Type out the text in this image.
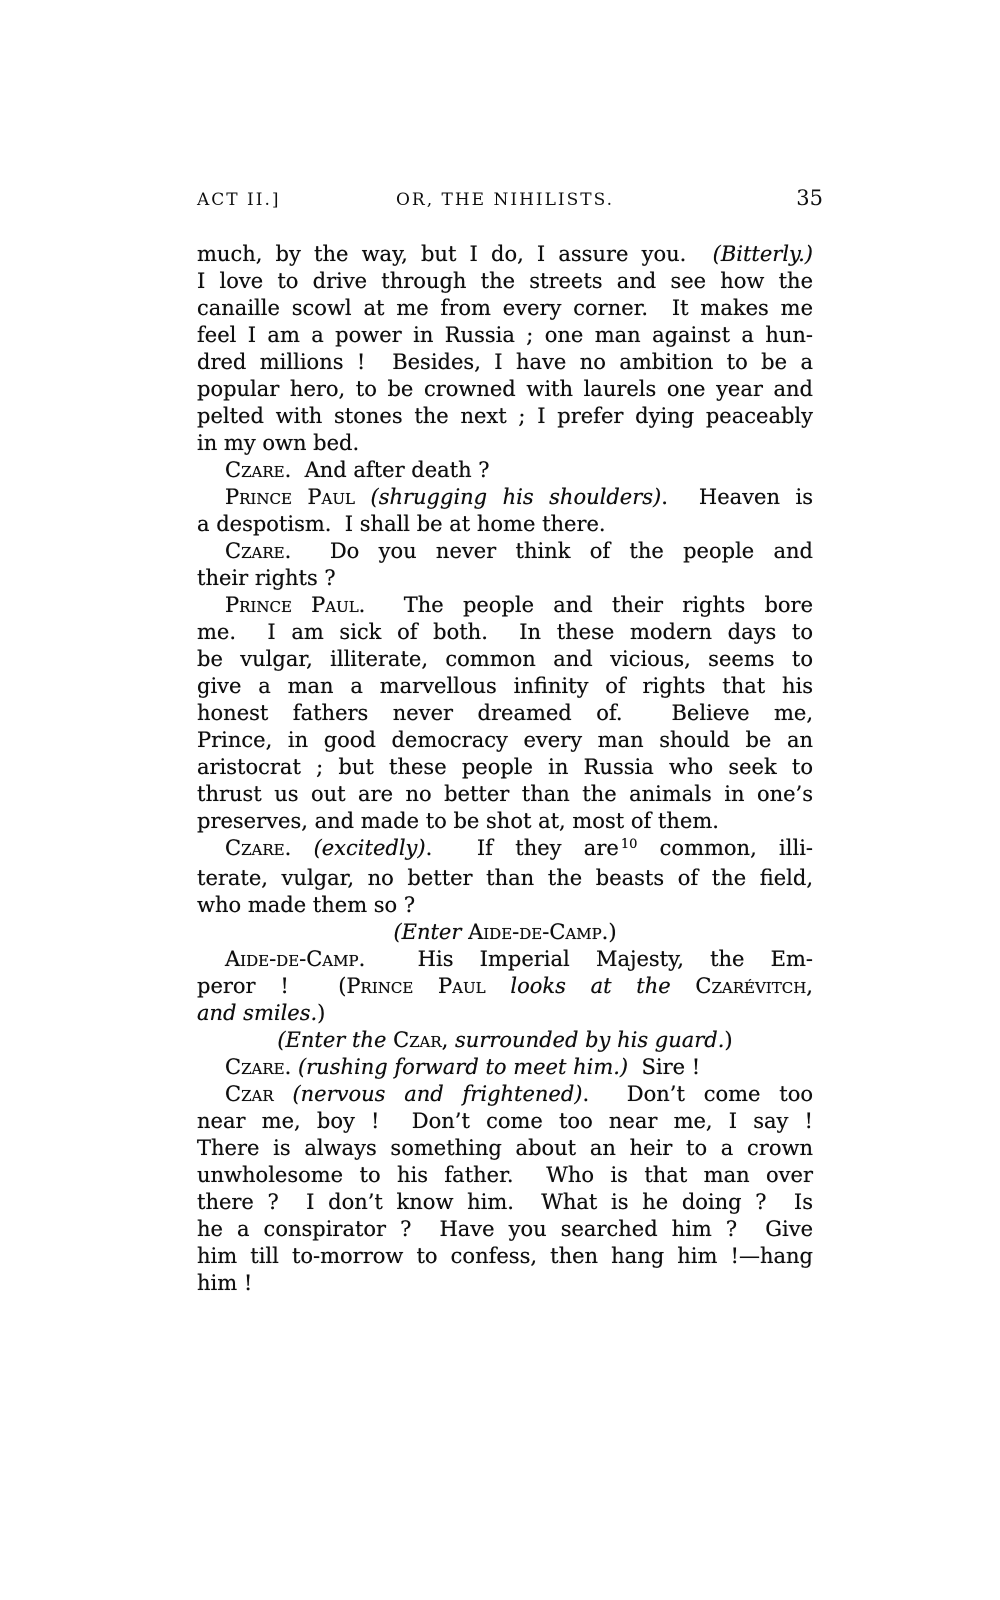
ACT II.]	OR, THE NIHILISTS.	35
much, by the way, but I do, I assure you.  (Bitterly.)
I love to drive through the streets and see how the
canaille scowl at me from every corner.  It makes me
feel I am a power in Russia ; one man against a hun-
dred millions !  Besides, I have no ambition to be a
popular hero, to be crowned with laurels one year and
pelted with stones the next ; I prefer dying peaceably
in my own bed.
Czare.  And after death ?
Prince Paul (shrugging his shoulders).  Heaven is
a despotism.  I shall be at home there.
Czare.  Do you never think of the people and
their rights ?
Prince Paul.  The people and their rights bore
me.  I am sick of both.  In these modern days to
be vulgar, illiterate, common and vicious, seems to
give a man a marvellous infinity of rights that his
honest fathers never dreamed of.  Believe me,
Prince, in good democracy every man should be an
aristocrat ; but these people in Russia who seek to
thrust us out are no better than the animals in one’s
preserves, and made to be shot at, most of them.
Czare. (excitedly).  If they are $^{10}$ common, illi-
terate, vulgar, no better than the beasts of the field,
who made them so ?
(Enter Aide-de-Camp.)
Aide-de-Camp.  His Imperial Majesty, the Em-
peror !  (Prince Paul looks at the Czarévitch,
and smiles.)
(Enter the Czar, surrounded by his guard.)
Czare. (rushing forward to meet him.)  Sire !
Czar (nervous and frightened).  Don’t come too
near me, boy !  Don’t come too near me, I say !
There is always something about an heir to a crown
unwholesome to his father.  Who is that man over
there ?  I don’t know him.  What is he doing ?  Is
he a conspirator ?  Have you searched him ?  Give
him till to-morrow to confess, then hang him !—hang
him !
